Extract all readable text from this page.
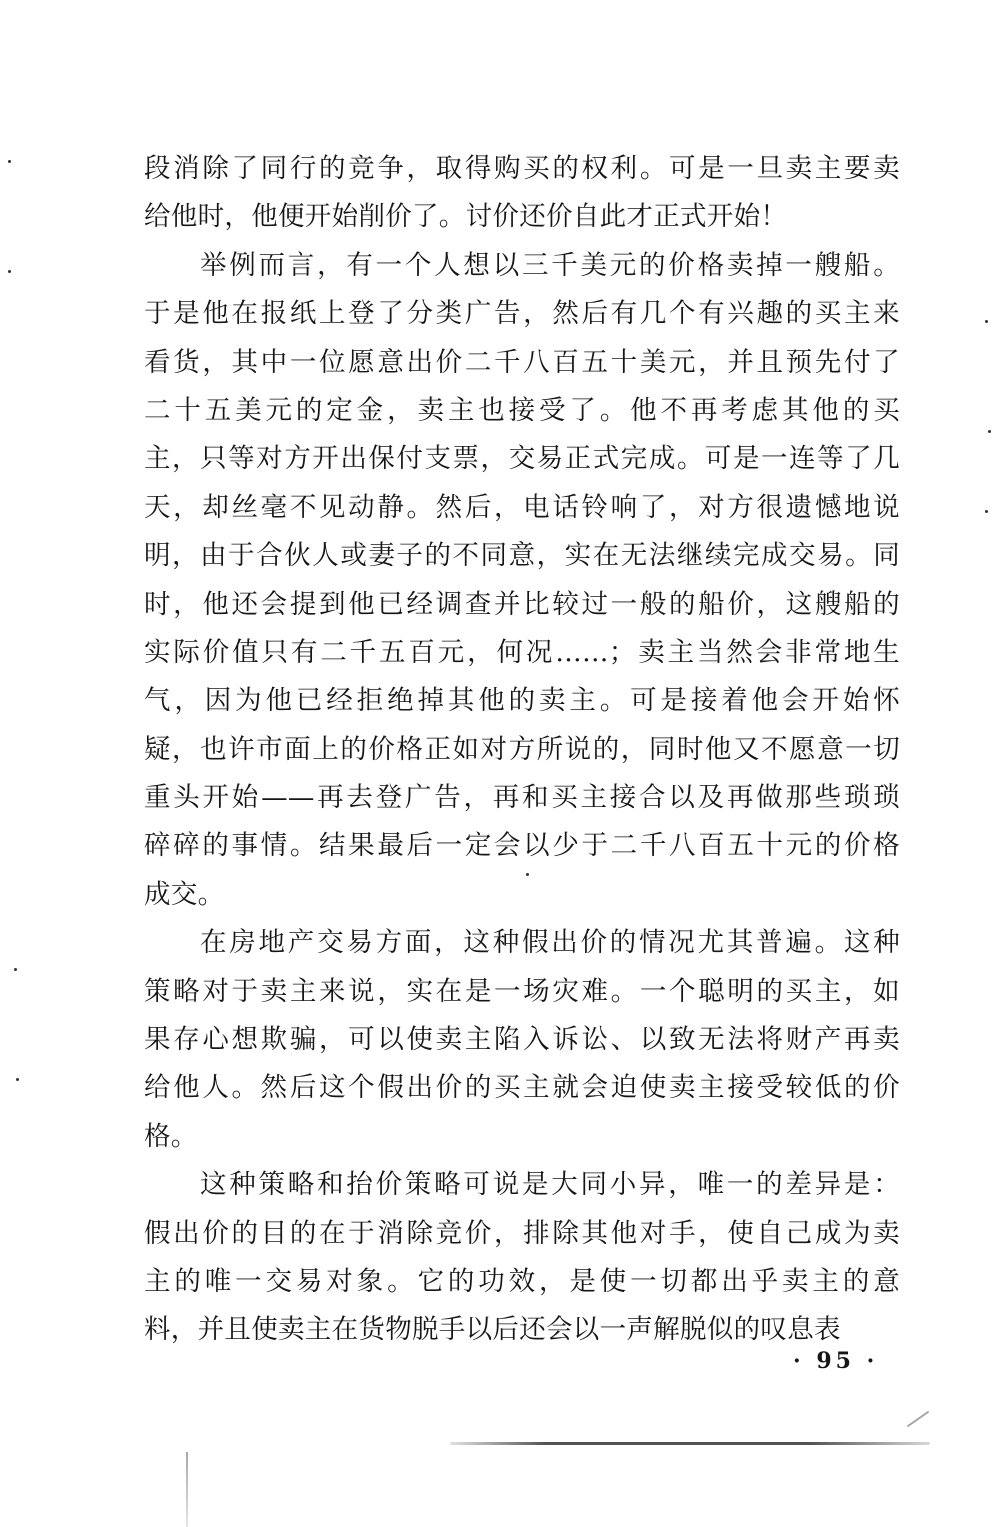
段消除了同行的竞争，取得购买的权利。可是一旦卖主要卖
给他时，他便开始削价了。讨价还价自此才正式开始！
举例而言，有一个人想以三千美元的价格卖掉一艘船。
于是他在报纸上登了分类广告，然后有几个有兴趣的买主来
看货，其中一位愿意出价二千八百五十美元，并且预先付了
二十五美元的定金，卖主也接受了。他不再考虑其他的买
主，只等对方开出保付支票，交易正式完成。可是一连等了几
天，却丝毫不见动静。然后，电话铃响了，对方很遗憾地说
明，由于合伙人或妻子的不同意，实在无法继续完成交易。同
时，他还会提到他已经调查并比较过一般的船价，这艘船的
实际价值只有二千五百元，何况……；卖主当然会非常地生
气，因为他已经拒绝掉其他的卖主。可是接着他会开始怀
疑，也许市面上的价格正如对方所说的，同时他又不愿意一切
重头开始——再去登广告，再和买主接合以及再做那些琐琐
碎碎的事情。结果最后一定会以少于二千八百五十元的价格
成交。
在房地产交易方面，这种假出价的情况尤其普遍。这种
策略对于卖主来说，实在是一场灾难。一个聪明的买主，如
果存心想欺骗，可以使卖主陷入诉讼、以致无法将财产再卖
给他人。然后这个假出价的买主就会迫使卖主接受较低的价
格。
这种策略和抬价策略可说是大同小异，唯一的差异是：
假出价的目的在于消除竞价，排除其他对手，使自己成为卖
主的唯一交易对象。它的功效，是使一切都出乎卖主的意
料，并且使卖主在货物脱手以后还会以一声解脱似的叹息表
· 95 ·
